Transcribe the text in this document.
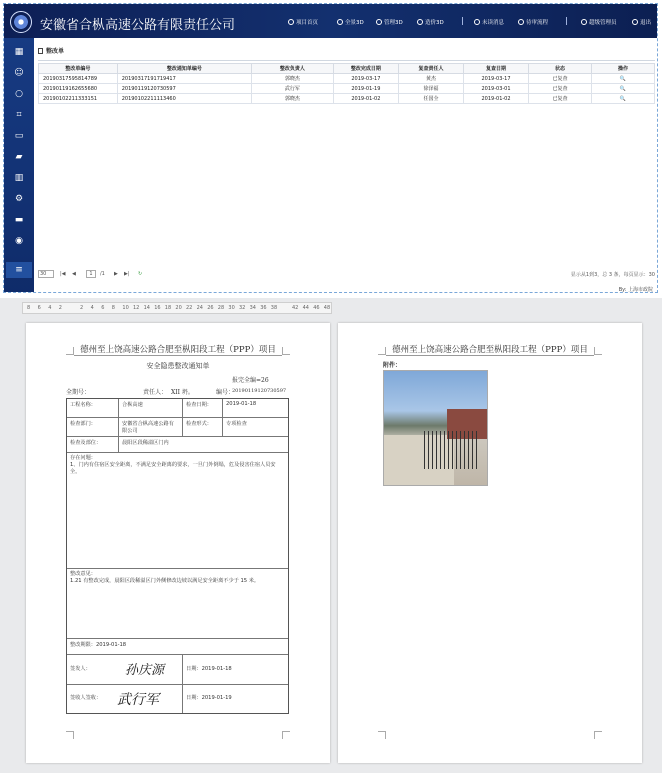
安徽省合枞高速公路有限责任公司	项目首页	全景3D	管理3D	造价3D	未读消息	待审流程	超级管理员	退出
▦
☺
○
⌗
▭
▰
▥
⚙
▬
◉
≡
整改单
整改单编号	整改通知单编号	整改负责人	整改完成日期	复查责任人	复查日期	状态	操作
20190317595814789	20190317191719417	郭晓杰	2019-03-17	黄杰	2019-03-17	已复查	🔍
20190119162655680	20190119120730597	武行军	2019-01-19	徐泽福	2019-03-01	已复查	🔍
20190102211333151	20190102211113460	郭晓杰	2019-01-02	任国全	2019-01-02	已复查	🔍
30	|◀ ◀	1	/1 ▶ ▶| ↻	显示从1到3，总 3 条，每页显示：30
By: 上海市政院
8 6 4 2	2 4 6 8 10 12 14 16 18 20 22 24 26 28 30 32 34 36 38	42 44 46 48
德州至上饶高速公路合肥至枞阳段工程（PPP）项目
安全隐患整改通知单
报完全编=26
全期号：	责任人： XII 坍。	编号：
20190119120730597
工程名称：	合枞高速	检查日期：	2019-01-18
检查部门：	安徽省合枞高速公路有限公司
检查形式：	专项检查
检查及部位：	晨阳区段稀溢区门内
存在问题：
1、门内有住宿区安全距离，不满足安全距离的要求，一旦门外倒塌，危及侵害住宿人员安全。
整改意见：
1.21 有整改完成，晨阳区段稀溢区门外侧修改边坡以满足安全距离不少于 15 米。
整改期限：2019-01-18
签发人：	日期：2019-01-18
孙庆源
签收人签收：	日期：2019-01-19
武行军
德州至上饶高速公路合肥至枞阳段工程（PPP）项目
附件：
